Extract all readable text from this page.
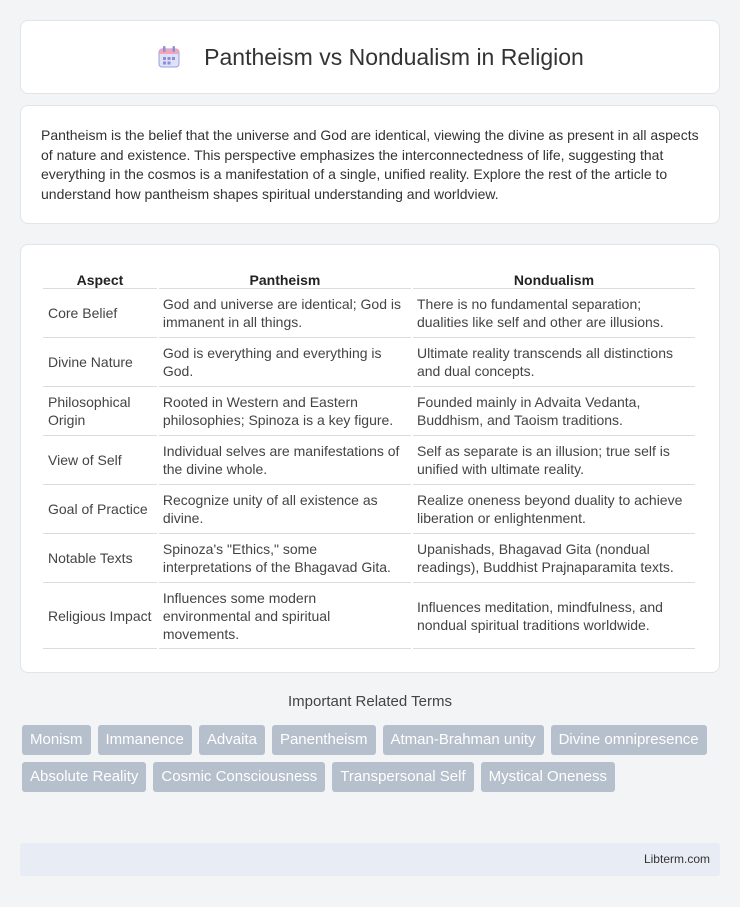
Pantheism vs Nondualism in Religion

Pantheism is the belief that the universe and God are identical, viewing the divine as present in all aspects of nature and existence. This perspective emphasizes the interconnectedness of life, suggesting that everything in the cosmos is a manifestation of a single, unified reality. Explore the rest of the article to understand how pantheism shapes spiritual understanding and worldview.

Aspect	Pantheism	Nondualism
Core Belief	God and universe are identical; God is immanent in all things.	There is no fundamental separation; dualities like self and other are illusions.
Divine Nature	God is everything and everything is God.	Ultimate reality transcends all distinctions and dual concepts.
Philosophical Origin	Rooted in Western and Eastern philosophies; Spinoza is a key figure.	Founded mainly in Advaita Vedanta, Buddhism, and Taoism traditions.
View of Self	Individual selves are manifestations of the divine whole.	Self as separate is an illusion; true self is unified with ultimate reality.
Goal of Practice	Recognize unity of all existence as divine.	Realize oneness beyond duality to achieve liberation or enlightenment.
Notable Texts	Spinoza's "Ethics," some interpretations of the Bhagavad Gita.	Upanishads, Bhagavad Gita (nondual readings), Buddhist Prajnaparamita texts.
Religious Impact	Influences some modern environmental and spiritual movements.	Influences meditation, mindfulness, and nondual spiritual traditions worldwide.
Important Related Terms
Monism	Immanence	Advaita	Panentheism	Atman-Brahman unity	Divine omnipresence
Absolute Reality	Cosmic Consciousness	Transpersonal Self	Mystical Oneness
Libterm.com
